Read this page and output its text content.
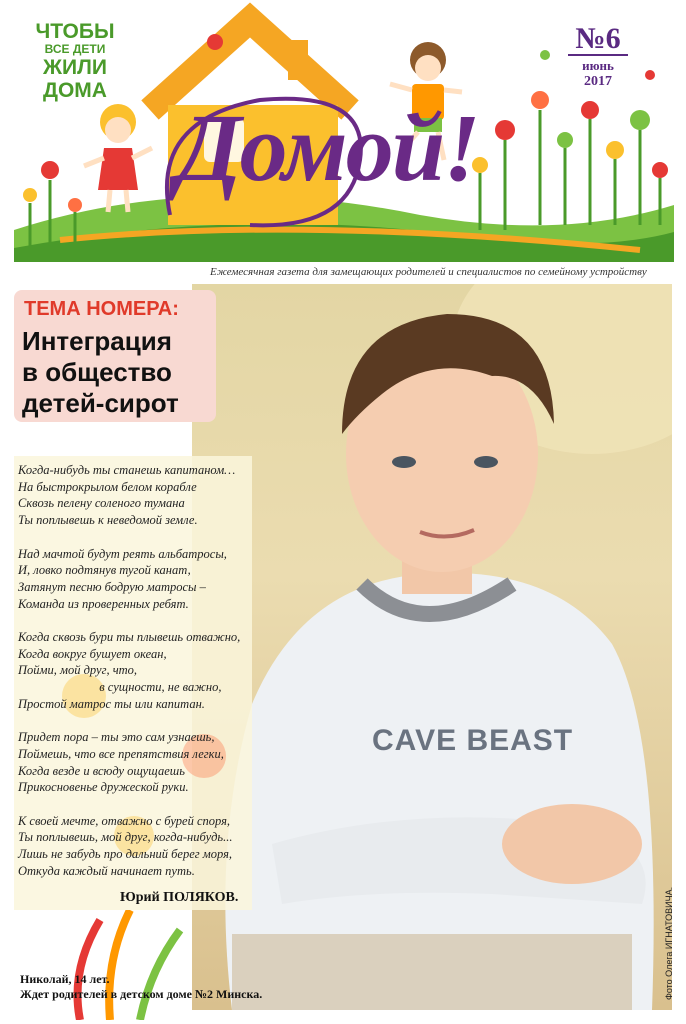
ЧТОБЫ
ВСЕ ДЕТИ
ЖИЛИ
ДОМА
Домой!
№6
июнь
2017
Ежемесячная газета для замещающих родителей и специалистов по семейному устройству
CAVE BEAST
ТЕМА НОМЕРА:
Интеграция
в общество
детей-сирот
Когда-нибудь ты станешь капитаном…
На быстрокрылом белом корабле
Сквозь пелену соленого тумана
Ты поплывешь к неведомой земле.

Над мачтой будут реять альбатросы,
И, ловко подтянув тугой канат,
Затянут песню бодрую матросы –
Команда из проверенных ребят.

Когда сквозь бури ты плывешь отважно,
Когда вокруг бушует океан,
Пойми, мой друг, что,
в сущности, не важно,
Простой матрос ты или капитан.

Придет пора – ты это сам узнаешь,
Поймешь, что все препятствия легки,
Когда везде и всюду ощущаешь
Прикосновенье дружеской руки.

К своей мечте, отважно с бурей споря,
Ты поплывешь, мой друг, когда-нибудь...
Лишь не забудь про дальний берег моря,
Откуда каждый начинает путь.
Юрий ПОЛЯКОВ.
Николай, 14 лет.
Ждет родителей в детском доме №2 Минска.	Фото Олега ИГНАТОВИЧА.
